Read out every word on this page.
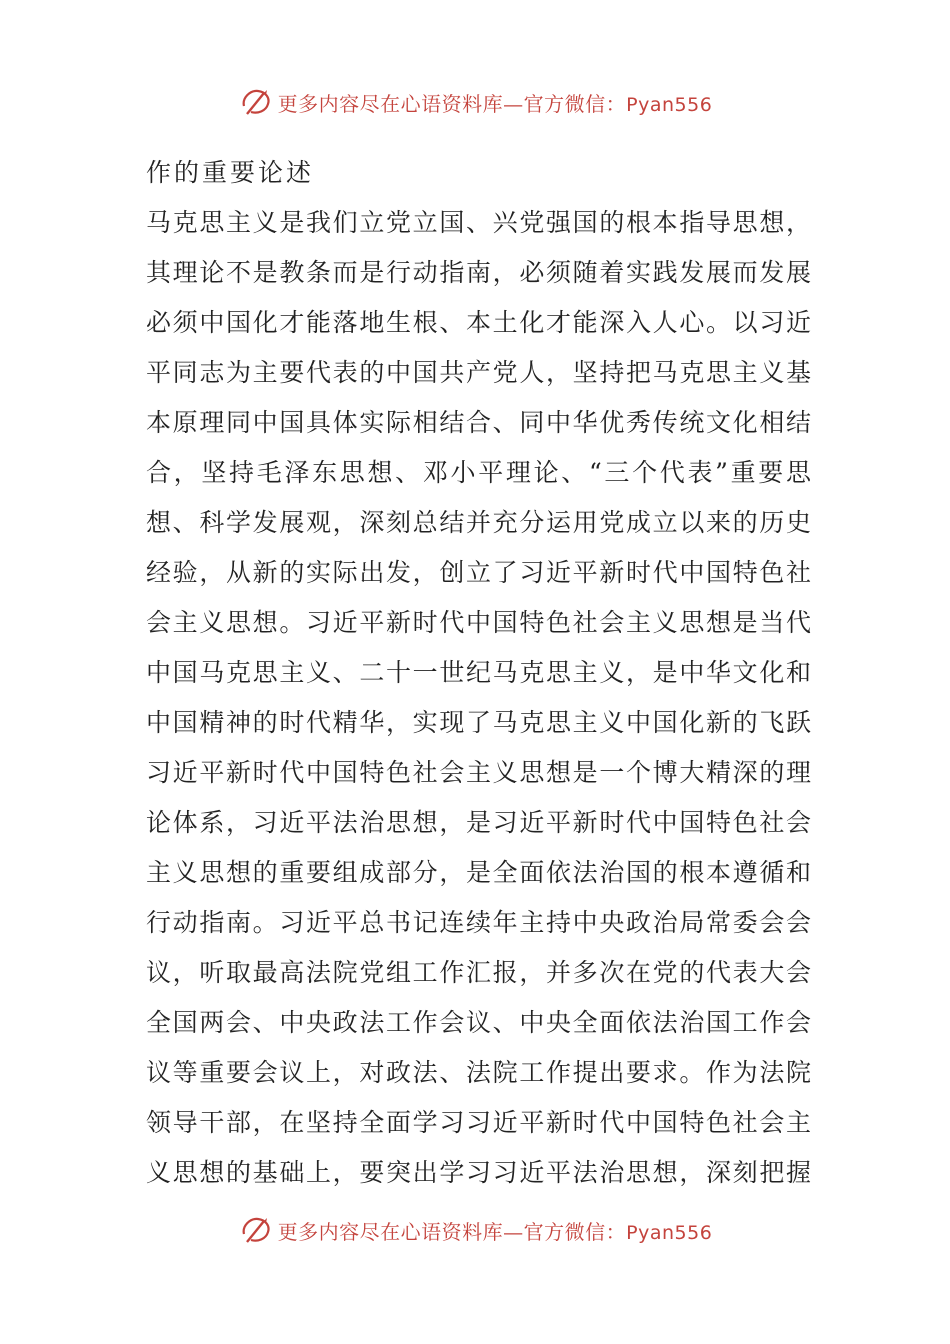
更多内容尽在心语资料库—官方微信：Pyan556
作的重要论述
马克思主义是我们立党立国、兴党强国的根本指导思想，
其理论不是教条而是行动指南，必须随着实践发展而发展
必须中国化才能落地生根、本土化才能深入人心。以习近
平同志为主要代表的中国共产党人，坚持把马克思主义基
本原理同中国具体实际相结合、同中华优秀传统文化相结
合，坚持毛泽东思想、邓小平理论、“三个代表”重要思
想、科学发展观，深刻总结并充分运用党成立以来的历史
经验，从新的实际出发，创立了习近平新时代中国特色社
会主义思想。习近平新时代中国特色社会主义思想是当代
中国马克思主义、二十一世纪马克思主义，是中华文化和
中国精神的时代精华，实现了马克思主义中国化新的飞跃
习近平新时代中国特色社会主义思想是一个博大精深的理
论体系，习近平法治思想，是习近平新时代中国特色社会
主义思想的重要组成部分，是全面依法治国的根本遵循和
行动指南。习近平总书记连续年主持中央政治局常委会会
议，听取最高法院党组工作汇报，并多次在党的代表大会
全国两会、中央政法工作会议、中央全面依法治国工作会
议等重要会议上，对政法、法院工作提出要求。作为法院
领导干部，在坚持全面学习习近平新时代中国特色社会主
义思想的基础上，要突出学习习近平法治思想，深刻把握
更多内容尽在心语资料库—官方微信：Pyan556
